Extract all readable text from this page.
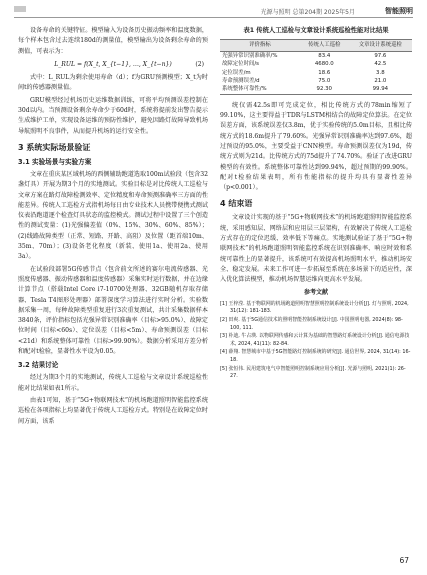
光源与照明 总第204期 2025年5月	智能照明

设备寿命的关键特征。模型输入为设备历史振动频率和温度数据，每个样本包含过去连续180d的测量值，模型输出为设备剩余寿命的预测值，可表示为：

L_RUL = f(X_t, X_{t−1}, …, X_{t−n})	(2)

式中：L_RUL为剩余使用寿命（d）；f为GRU预测模型；X_t为时间t的传感器测量值。

GRU模型经过机场历史运维数据训练，可将平均预测误差控制在30d以内。当预测设备剩余寿命少于60d时，系统将提前发出警告提示生成维护工单，实现设备运维的预防性维护，避免因路灯故障导致机场导航照明不良事件，从而提升机场的运行安全性。

3 系统实际场景验证
3.1 实验场景与实验方案

文章在重庆某区域机场的西侧辅助跑道选取100m试验段（包含32盏灯具）开展为期3个月的实地测试。实验目标是对比传统人工巡检与文章方案在路灯故障检测效率、定位精度和寿命预测准确率三方面的性能差异。传统人工巡检方式指机场每日由专业技术人员携带便携式测试仪表沿跑道逐个检查灯具状态的监控模式。测试过程中设置了三个创造性的测试变量：(1)光强偏差值（0%、15%、30%、60%、85%）；(2)线路故障类型（正常、短路、开路、高阻）及位置（距首端10m、35m、70m）；(3)设备老化程度（新装、使用1a、使用2a、使用3a）。

在试验段部署5G传感节点（包含前文所述的赛尔电流传感器、光照度传感器、振动传感器和温度传感器）采集实时运行数据，并在边缘计算节点（搭载Intel Core i7-10700处理器、32GB随机存取存储器、Tesla T4图形处理器）部署深度学习算法进行实时分析。实验数据采集一周，每种故障类型重复进行3次重复测试，共计采集数据样本3840条，评价指标包括光强异常识别准确率（目标>95.0%）、故障定位时间（目标<60s）、定位误差（目标<5m）、寿命预测误差（目标<21d）和系统整体可靠性（目标>99.90%）。数据分析采用方差分析和配对t检验，显著性水平设为0.05。

3.2 结果讨论

经过为期3个月的实地测试，传统人工巡检与文章设计系统巡检性能对比结果如表1所示。

由表1可知，基于“5G+物联网技术”的机场跑道照明智能监控系统巡检在各项指标上均显著优于传统人工巡检方式。特别是在故障定位时间方面，该系

表1 传统人工巡检与文章设计系统巡检性能对比结果
评价指标	传统人工巡检	文章设计系统巡检
光强异常识别准确率/%	83.4	97.6
故障定位时间/s	4680.0	42.5
定位误差/m	18.6	3.8
寿命预测误差/d	75.0	21.0
系统整体可靠性/%	92.30	99.94

统仅需42.5s即可完成定位，相比传统方式的78min缩短了99.10%，这主要得益于TDR与LSTM相结合的故障定位算法。在定位误差方面，该系统误差仅3.8m，优于实验传统的5.0m目标，且相比传统方式的18.6m提升了79.60%。光强异常识别准确率达到97.6%，超过预设的95.0%，主要受益于CNN模型。寿命预测误差仅为19d，传统方式则为21d。比传统方式的75d提升了74.70%。验证了改进GRU模型的有效性。系统整体可靠性达到99.94%，超过预期的99.90%。配对t检验结果表明，所有性能指标的提升均具有显著性差异（p<0.001）。

4 结束语

文章设计实现的基于“5G+物联网技术”的机场跑道照明智能监控系统，采用感知层、网络层和应用层三层架构，有效解决了传统人工巡检方式存在的定位迟缓、效率低下等痛点。实地测试验证了基于“5G+物联网技术”的机场跑道照明智能监控系统在识别准确率、响应时效和系统可靠性上的显著提升，该系统可有效提高机场照明水平，推动机场安全、稳定发展。未来工作可进一步拓展至系统在多场景下的适应性，深入优化算法模型，推动机场智慧运维向更高水平发展。

参考文献
[1] 王梓滢. 基于物联网的机场跑道照明智慧照明控制系统设计分析[J]. 灯与照明, 2024, 31(12): 181-183.
[2] 田爽. 基于5G通信技术的照明智能控制系统设计[J]. 中国照明电器, 2024(8): 98-100, 111.
[3] 朴迪, 牛占瑛. 以物联网传感和云计算为基础的智慧路灯系统设计分析[J]. 通信电源技术, 2024, 41(11): 82-84.
[4] 薛翔. 智慧城市中基于5G智能路灯控制系统的研究[J]. 通信世界, 2024, 31(14): 16-18.
[5] 张恒伟. 民用建筑电气中智能照明控制系统应用分析[J]. 光源与照明, 2021(1): 26-27.
67
